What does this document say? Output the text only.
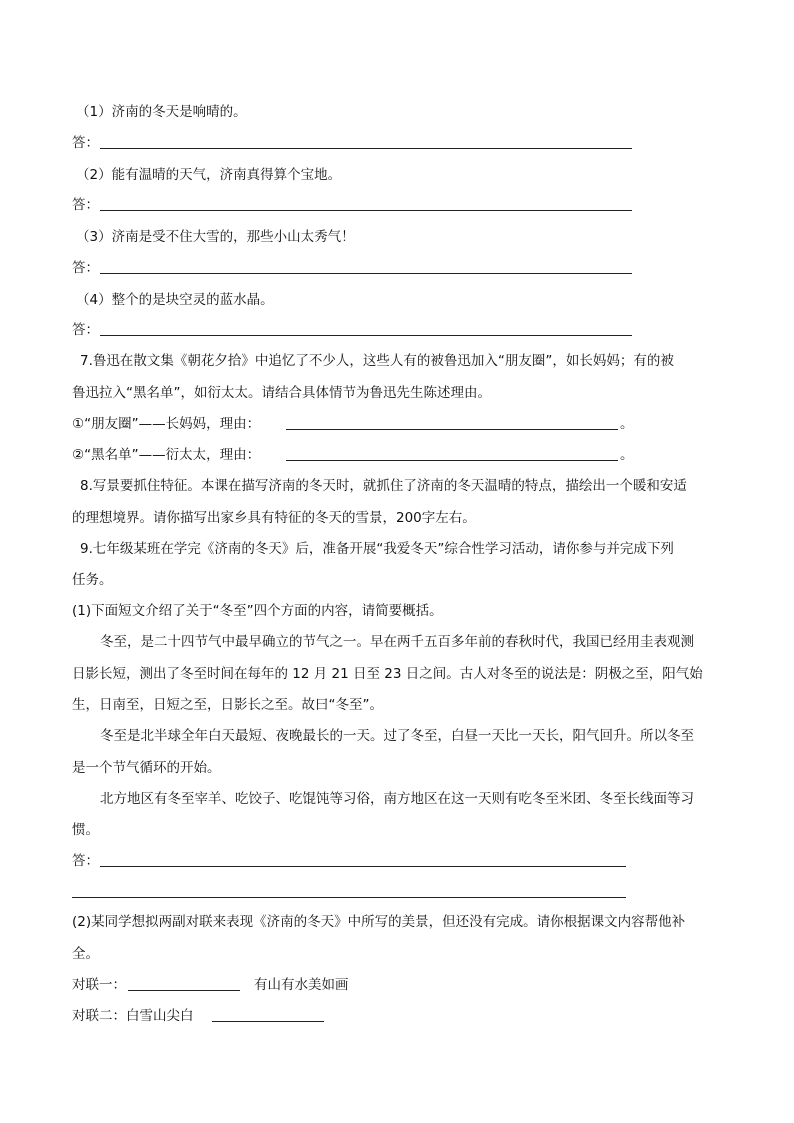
（1）济南的冬天是响晴的。
答：
（2）能有温晴的天气，济南真得算个宝地。
答：
（3）济南是受不住大雪的，那些小山太秀气！
答：
（4）整个的是块空灵的蓝水晶。
答：
7.鲁迅在散文集《朝花夕拾》中追忆了不少人，这些人有的被鲁迅加入“朋友圈”，如长妈妈；有的被
鲁迅拉入“黑名单”，如衍太太。请结合具体情节为鲁迅先生陈述理由。
①“朋友圈”——长妈妈，理由：	。
②“黑名单”——衍太太，理由：	。
8.写景要抓住特征。本课在描写济南的冬天时，就抓住了济南的冬天温晴的特点，描绘出一个暖和安适
的理想境界。请你描写出家乡具有特征的冬天的雪景，200字左右。
9.七年级某班在学完《济南的冬天》后，准备开展“我爱冬天”综合性学习活动，请你参与并完成下列
任务。
(1)下面短文介绍了关于“冬至”四个方面的内容，请简要概括。
冬至，是二十四节气中最早确立的节气之一。早在两千五百多年前的春秋时代，我国已经用圭表观测
日影长短，测出了冬至时间在每年的 12 月 21 日至 23 日之间。古人对冬至的说法是：阴极之至，阳气始
生，日南至，日短之至，日影长之至。故曰“冬至”。
冬至是北半球全年白天最短、夜晚最长的一天。过了冬至，白昼一天比一天长，阳气回升。所以冬至
是一个节气循环的开始。
北方地区有冬至宰羊、吃饺子、吃馄饨等习俗，南方地区在这一天则有吃冬至米团、冬至长线面等习
惯。
答：
(2)某同学想拟两副对联来表现《济南的冬天》中所写的美景，但还没有完成。请你根据课文内容帮他补
全。
对联一：	有山有水美如画
对联二：白雪山尖白
